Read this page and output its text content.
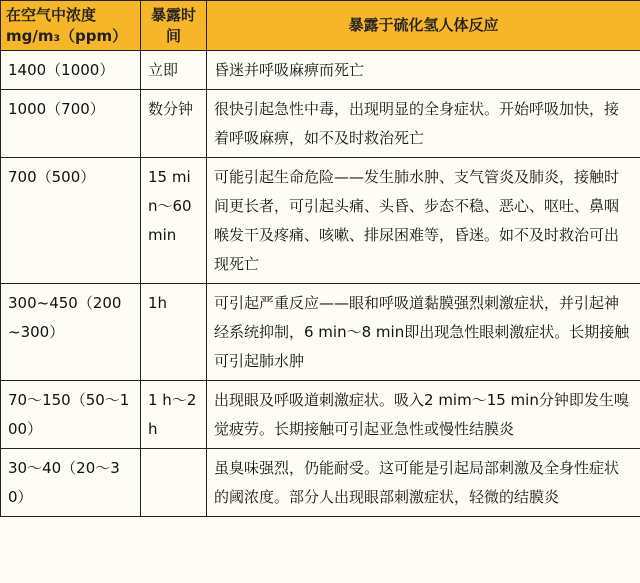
在空气中浓度mg/m₃（ppm）	暴露时间	暴露于硫化氢人体反应
1400（1000）	立即	昏迷并呼吸麻痹而死亡
1000（700）	数分钟	很快引起急性中毒，出现明显的全身症状。开始呼吸加快，接着呼吸麻痹，如不及时救治死亡
700（500）	15 min～60 min	可能引起生命危险——发生肺水肿、支气管炎及肺炎，接触时间更长者，可引起头痛、头昏、步态不稳、恶心、呕吐、鼻咽喉发干及疼痛、咳嗽、排尿困难等，昏迷。如不及时救治可出现死亡
300~450（200~300）	1h	可引起严重反应——眼和呼吸道黏膜强烈刺激症状，并引起神经系统抑制，6 min～8 min即出现急性眼刺激症状。长期接触可引起肺水肿
70～150（50～100）	1 h～2 h	出现眼及呼吸道刺激症状。吸入2 mim～15 min分钟即发生嗅觉疲劳。长期接触可引起亚急性或慢性结膜炎
30～40（20～30）		虽臭味强烈，仍能耐受。这可能是引起局部刺激及全身性症状的阈浓度。部分人出现眼部刺激症状，轻微的结膜炎
